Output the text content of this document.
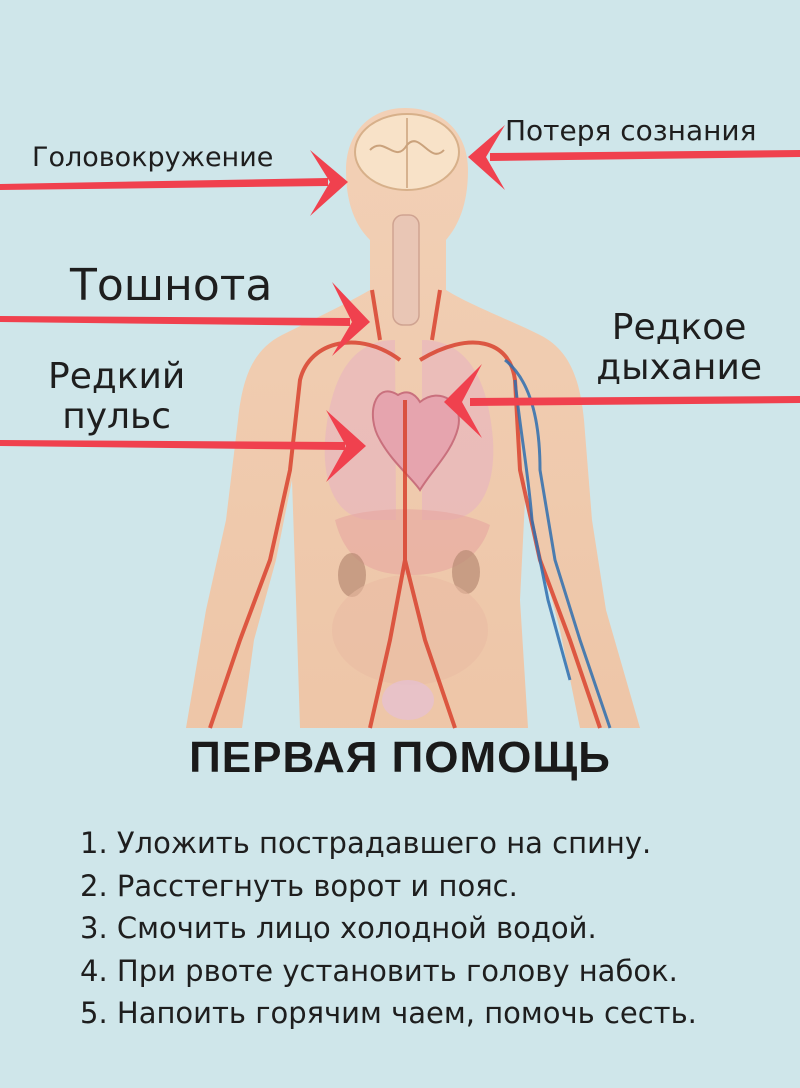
Головокружение

Потеря сознания

Тошнота

Редкий
пульс
Редкое
дыхание
ПЕРВАЯ ПОМОЩЬ
1. Уложить пострадавшего на спину.
2. Расстегнуть ворот и пояс.
3. Смочить лицо холодной водой.
4. При рвоте установить голову набок.
5. Напоить горячим чаем, помочь сесть.
